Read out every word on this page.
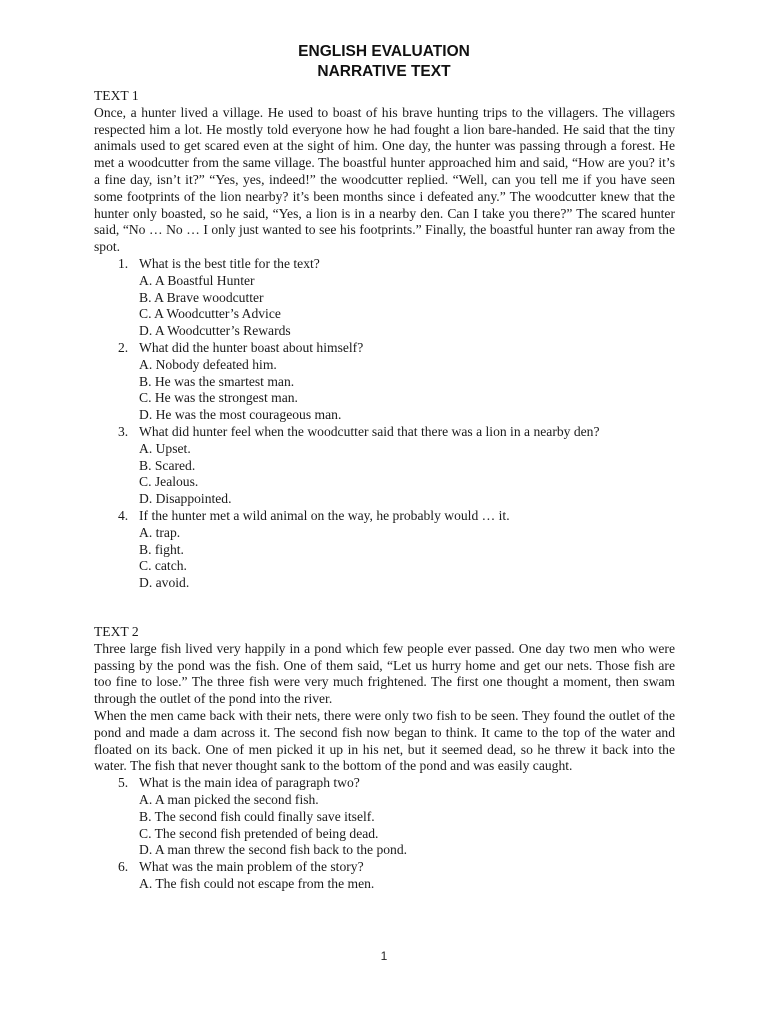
ENGLISH EVALUATION
NARRATIVE TEXT

TEXT 1

Once, a hunter lived a village. He used to boast of his brave hunting trips to the villagers. The villagers respected him a lot. He mostly told everyone how he had fought a lion bare-handed. He said that the tiny animals used to get scared even at the sight of him. One day, the hunter was passing through a forest. He met a woodcutter from the same village. The boastful hunter approached him and said, “How are you? it’s a fine day, isn’t it?” “Yes, yes, indeed!” the woodcutter replied. “Well, can you tell me if you have seen some footprints of the lion nearby? it’s been months since i defeated any.” The woodcutter knew that the hunter only boasted, so he said, “Yes, a lion is in a nearby den. Can I take you there?” The scared hunter said, “No … No … I only just wanted to see his footprints.” Finally, the boastful hunter ran away from the spot.

1. What is the best title for the text?

A. A Boastful Hunter

B. A Brave woodcutter

C. A Woodcutter’s Advice

D. A Woodcutter’s Rewards

2. What did the hunter boast about himself?

A. Nobody defeated him.

B. He was the smartest man.

C. He was the strongest man.

D. He was the most courageous man.

3. What did hunter feel when the woodcutter said that there was a lion in a nearby den?

A. Upset.

B. Scared.

C. Jealous.

D. Disappointed.

4. If the hunter met a wild animal on the way, he probably would … it.

A. trap.

B. fight.

C. catch.

D. avoid.

TEXT 2

Three large fish lived very happily in a pond which few people ever passed. One day two men who were passing by the pond was the fish. One of them said, “Let us hurry home and get our nets. Those fish are too fine to lose.” The three fish were very much frightened. The first one thought a moment, then swam through the outlet of the pond into the river.

When the men came back with their nets, there were only two fish to be seen. They found the outlet of the pond and made a dam across it. The second fish now began to think. It came to the top of the water and floated on its back. One of men picked it up in his net, but it seemed dead, so he threw it back into the water. The fish that never thought sank to the bottom of the pond and was easily caught.

5. What is the main idea of paragraph two?

A. A man picked the second fish.

B. The second fish could finally save itself.

C. The second fish pretended of being dead.

D. A man threw the second fish back to the pond.

6. What was the main problem of the story?

A. The fish could not escape from the men.

1
